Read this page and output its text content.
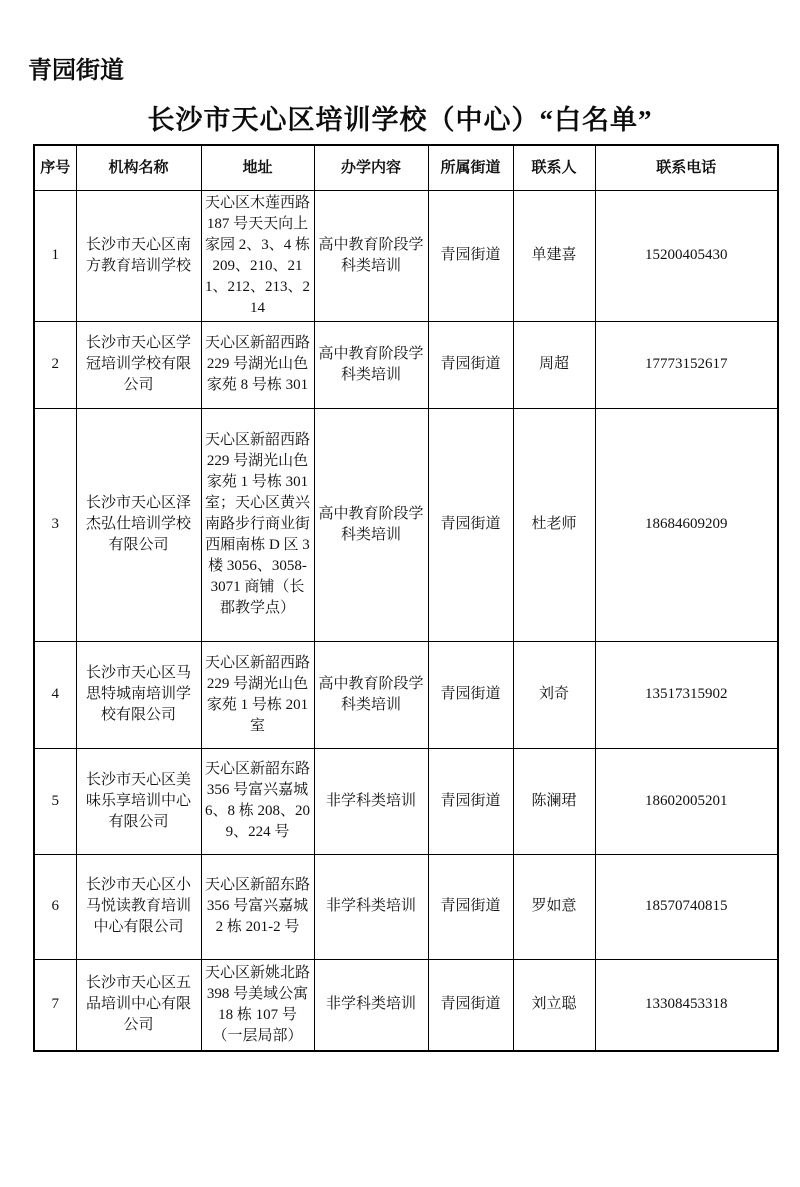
青园街道
长沙市天心区培训学校（中心）“白名单”
序号	机构名称	地址	办学内容	所属街道	联系人	联系电话
1	长沙市天心区南方教育培训学校	天心区木莲西路 187 号天天向上家园 2、3、4 栋 209、210、211、212、213、214	高中教育阶段学科类培训	青园街道	单建喜	15200405430
2	长沙市天心区学冠培训学校有限公司	天心区新韶西路 229 号湖光山色家苑 8 号栋 301	高中教育阶段学科类培训	青园街道	周超	17773152617
3	长沙市天心区泽杰弘仕培训学校有限公司	天心区新韶西路 229 号湖光山色家苑 1 号栋 301 室；天心区黄兴南路步行商业街西厢南栋 D 区 3 楼 3056、3058-3071 商铺（长郡教学点）	高中教育阶段学科类培训	青园街道	杜老师	18684609209
4	长沙市天心区马思特城南培训学校有限公司	天心区新韶西路 229 号湖光山色家苑 1 号栋 201 室	高中教育阶段学科类培训	青园街道	刘奇	13517315902
5	长沙市天心区美味乐享培训中心有限公司	天心区新韶东路 356 号富兴嘉城 6、8 栋 208、209、224 号	非学科类培训	青园街道	陈澜珺	18602005201
6	长沙市天心区小马悦读教育培训中心有限公司	天心区新韶东路 356 号富兴嘉城 2 栋 201-2 号	非学科类培训	青园街道	罗如意	18570740815
7	长沙市天心区五品培训中心有限公司	天心区新姚北路 398 号美域公寓 18 栋 107 号（一层局部）	非学科类培训	青园街道	刘立聪	13308453318
